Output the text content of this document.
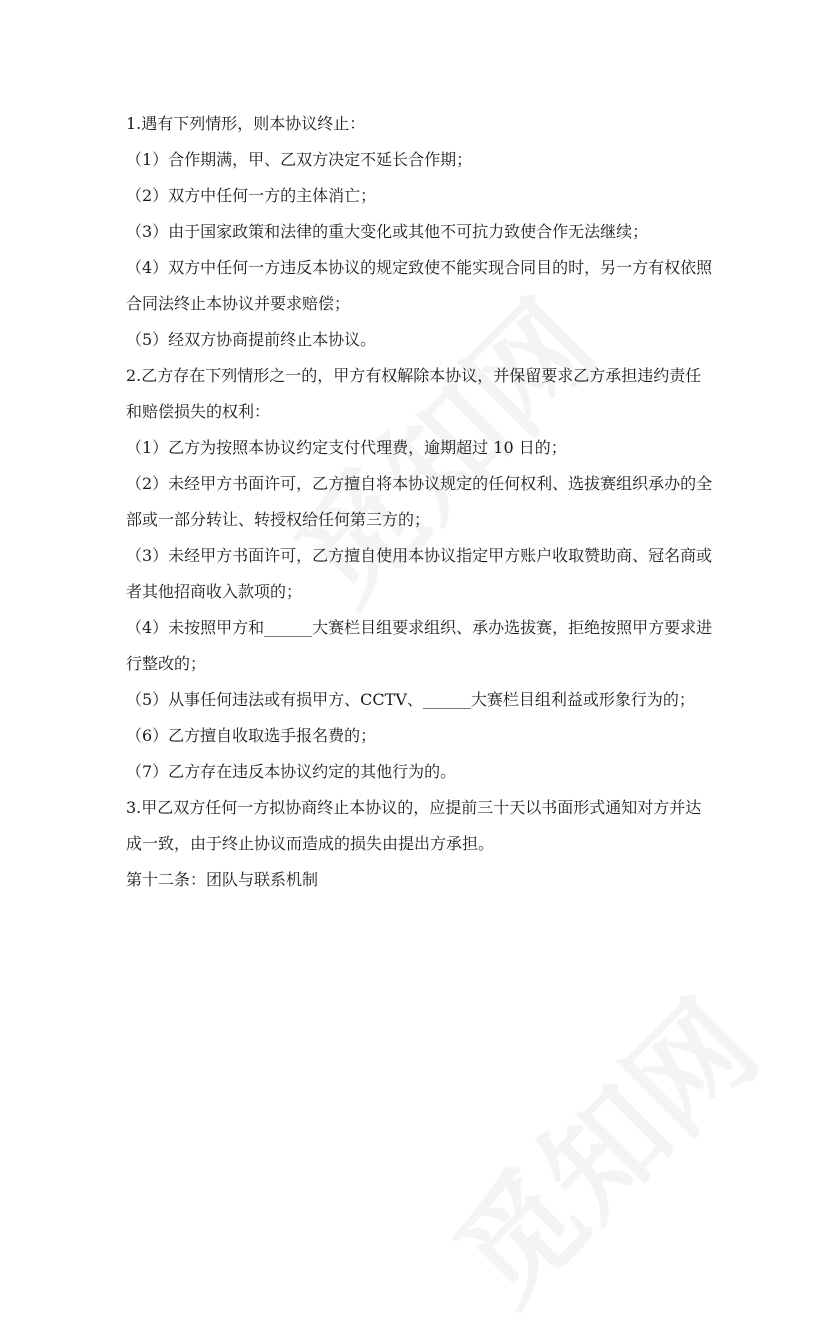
1.遇有下列情形，则本协议终止：

（1）合作期满，甲、乙双方决定不延长合作期；

（2）双方中任何一方的主体消亡；

（3）由于国家政策和法律的重大变化或其他不可抗力致使合作无法继续；

（4）双方中任何一方违反本协议的规定致使不能实现合同目的时，另一方有权依照合同法终止本协议并要求赔偿；

（5）经双方协商提前终止本协议。

2.乙方存在下列情形之一的，甲方有权解除本协议，并保留要求乙方承担违约责任和赔偿损失的权利：

（1）乙方为按照本协议约定支付代理费，逾期超过 10 日的；

（2）未经甲方书面许可，乙方擅自将本协议规定的任何权利、选拔赛组织承办的全部或一部分转让、转授权给任何第三方的；

（3）未经甲方书面许可，乙方擅自使用本协议指定甲方账户收取赞助商、冠名商或者其他招商收入款项的；

（4）未按照甲方和______大赛栏目组要求组织、承办选拔赛，拒绝按照甲方要求进行整改的；

（5）从事任何违法或有损甲方、CCTV、______大赛栏目组利益或形象行为的；

（6）乙方擅自收取选手报名费的；

（7）乙方存在违反本协议约定的其他行为的。

3.甲乙双方任何一方拟协商终止本协议的，应提前三十天以书面形式通知对方并达成一致，由于终止协议而造成的损失由提出方承担。

第十二条：团队与联系机制
